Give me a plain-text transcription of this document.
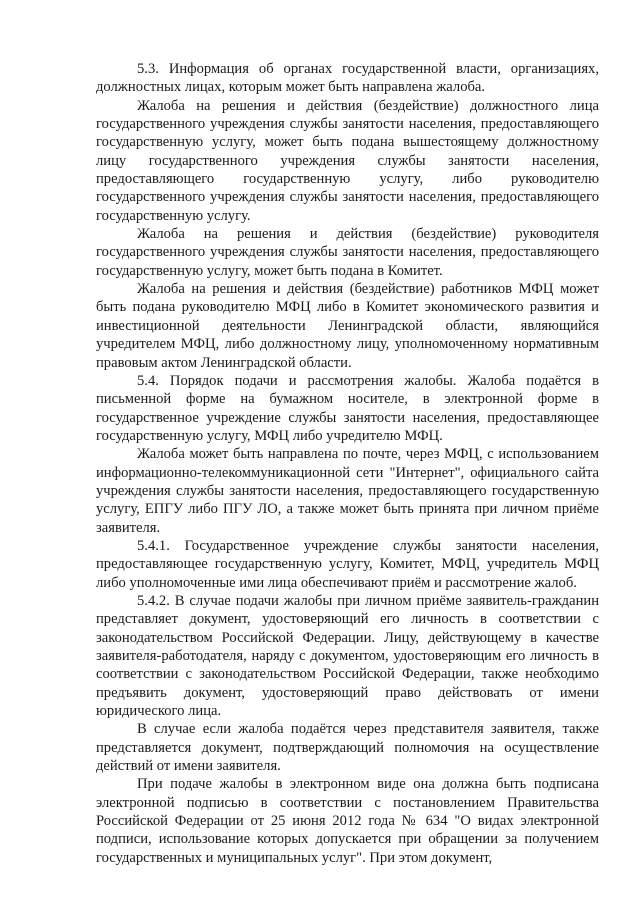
5.3. Информация об органах государственной власти, организациях, должностных лицах, которым может быть направлена жалоба.

Жалоба на решения и действия (бездействие) должностного лица государственного учреждения службы занятости населения, предоставляющего государственную услугу, может быть подана вышестоящему должностному лицу государственного учреждения службы занятости населения, предоставляющего государственную услугу, либо руководителю государственного учреждения службы занятости населения, предоставляющего государственную услугу.

Жалоба на решения и действия (бездействие) руководителя государственного учреждения службы занятости населения, предоставляющего государственную услугу, может быть подана в Комитет.

Жалоба на решения и действия (бездействие) работников МФЦ может быть подана руководителю МФЦ либо в Комитет экономического развития и инвестиционной деятельности Ленинградской области, являющийся учредителем МФЦ, либо должностному лицу, уполномоченному нормативным правовым актом Ленинградской области.

5.4. Порядок подачи и рассмотрения жалобы. Жалоба подаётся в письменной форме на бумажном носителе, в электронной форме в государственное учреждение службы занятости населения, предоставляющее государственную услугу, МФЦ либо учредителю МФЦ.

Жалоба может быть направлена по почте, через МФЦ, с использованием информационно-телекоммуникационной сети "Интернет", официального сайта учреждения службы занятости населения, предоставляющего государственную услугу, ЕПГУ либо ПГУ ЛО, а также может быть принята при личном приёме заявителя.

5.4.1. Государственное учреждение службы занятости населения, предоставляющее государственную услугу, Комитет, МФЦ, учредитель МФЦ либо уполномоченные ими лица обеспечивают приём и рассмотрение жалоб.

5.4.2. В случае подачи жалобы при личном приёме заявитель-гражданин представляет документ, удостоверяющий его личность в соответствии с законодательством Российской Федерации. Лицу, действующему в качестве заявителя-работодателя, наряду с документом, удостоверяющим его личность в соответствии с законодательством Российской Федерации, также необходимо предъявить документ, удостоверяющий право действовать от имени юридического лица.

В случае если жалоба подаётся через представителя заявителя, также представляется документ, подтверждающий полномочия на осуществление действий от имени заявителя.

При подаче жалобы в электронном виде она должна быть подписана электронной подписью в соответствии с постановлением Правительства Российской Федерации от 25 июня 2012 года № 634 "О видах электронной подписи, использование которых допускается при обращении за получением государственных и муниципальных услуг". При этом документ,
